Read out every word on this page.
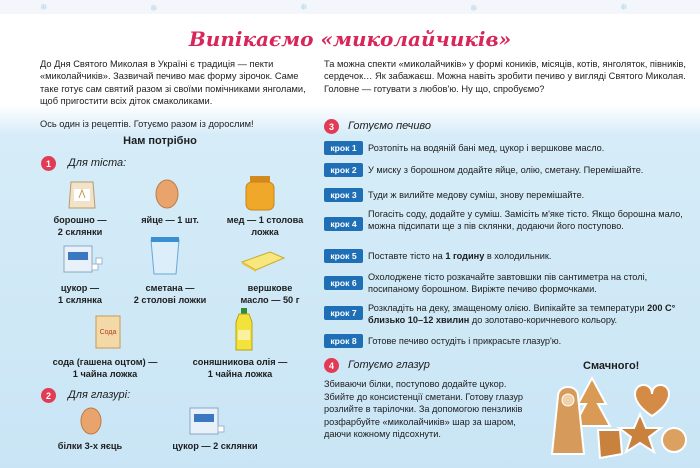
❄	❄	❄	❄	❄
Випікаємо «миколайчиків»
До Дня Святого Миколая в Україні є традиція — пекти «миколайчиків». Зазвичай печиво має форму зірочок. Саме таке готує сам святий разом зі своїми помічниками янголами, щоб пригостити всіх діток смаколиками.
Та можна спекти «миколайчиків» у формі коників, місяців, котів, янголяток, півників, сердечок… Як забажаєш. Можна навіть зробити печиво у вигляді Святого Миколая. Головне — готувати з любов'ю. Ну що, спробуємо?
Ось один із рецептів. Готуємо разом із дорослим!
Нам потрібно
1	Для тіста:
борошно —
2 склянки
яйце — 1 шт.	мед — 1 столова
ложка
цукор —
1 склянка
сметана —
2 столові ложки
вершкове
масло — 50 г
Сода
сода (гашена оцтом) —
1 чайна ложка
соняшникова олія —
1 чайна ложка
2	Для глазурі:
білки 3-х яєць	цукор — 2 склянки
3	Готуємо печиво
крок 1	Розтопіть на водяній бані мед, цукор і вершкове масло.
крок 2	У миску з борошном додайте яйце, олію, сметану. Перемішайте.
крок 3	Туди ж вилийте медову суміш, знову перемішайте.
крок 4
Погасіть соду, додайте у суміш. Замісіть м'яке тісто. Якщо борошна мало, можна підсипати ще з пів склянки, додаючи його поступово.
крок 5	Поставте тісто на 1 годину в холодильник.
крок 6
Охолоджене тісто розкачайте завтовшки пів сантиметра на столі, посипаному борошном. Виріжте печиво формочками.
крок 7	Розкладіть на деку, змащеному олією. Випікайте за температури 200 С° близько 10–12 хвилин до золотаво-коричневого кольору.
крок 8	Готове печиво остудіть і прикрасьте глазур'ю.
4	Готуємо глазур
Збиваючи білки, поступово додайте цукор. Збийте до консистенції сметани. Готову глазур розлийте в тарілочки. За допомогою пензликів розфарбуйте «миколайчиків» шар за шаром, даючи кожному підсохнути.
Смачного!
